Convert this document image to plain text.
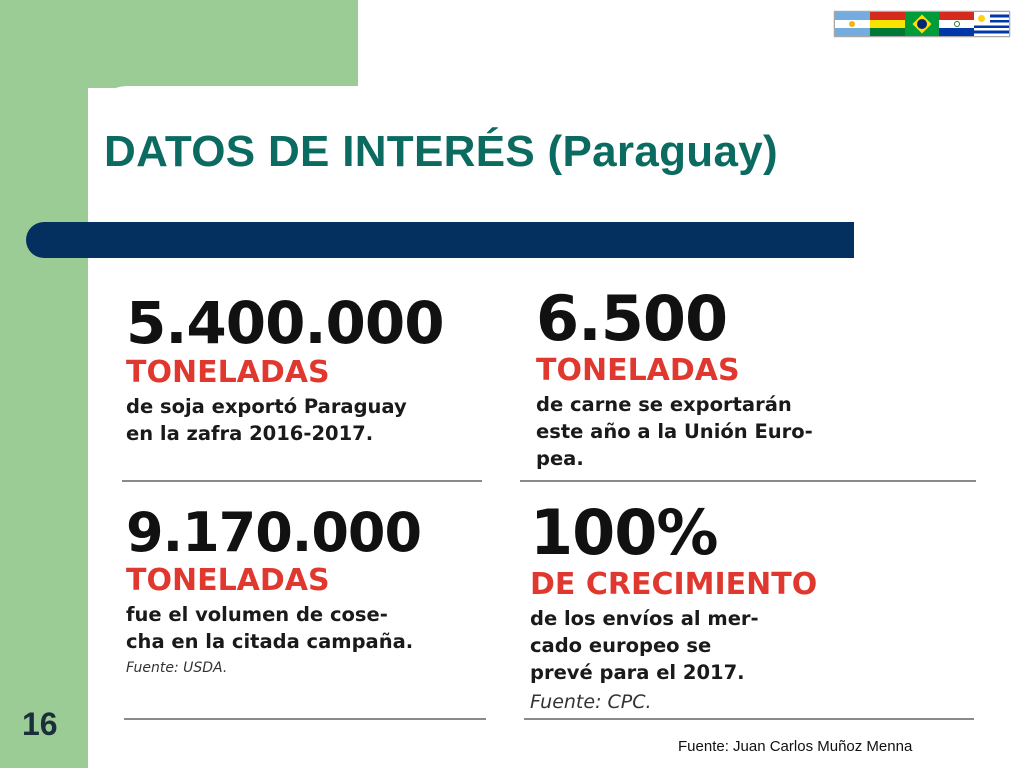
DATOS DE INTERÉS (Paraguay)
5.400.000
TONELADAS
de soja exportó Paraguay
en la zafra 2016-2017.
6.500
TONELADAS
de carne se exportarán
este año a la Unión Euro-
pea.
9.170.000
TONELADAS
fue el volumen de cose-
cha en la citada campaña.
Fuente: USDA.
100%
DE CRECIMIENTO
de los envíos al mer-
cado europeo se
prevé para el 2017.
Fuente: CPC.
16
Fuente: Juan Carlos Muñoz Menna
